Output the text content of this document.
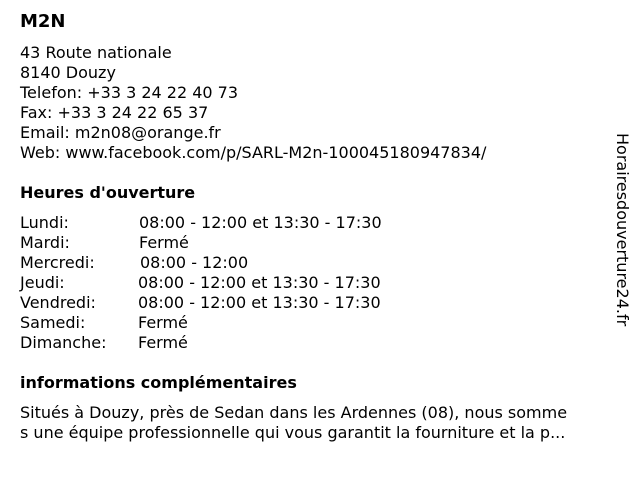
M2N
43 Route nationale
8140 Douzy
Telefon: +33 3 24 22 40 73
Fax: +33 3 24 22 65 37
Email: m2n08@orange.fr
Web: www.facebook.com/p/SARL-M2n-100045180947834/
Heures d'ouverture
Lundi:	08:00 - 12:00 et 13:30 - 17:30
Mardi:	Fermé
Mercredi:	08:00 - 12:00
Jeudi:	08:00 - 12:00 et 13:30 - 17:30
Vendredi:	08:00 - 12:00 et 13:30 - 17:30
Samedi:	Fermé
Dimanche: Fermé
informations complémentaires
Situés à Douzy, près de Sedan dans les Ardennes (08), nous somme
s une équipe professionnelle qui vous garantit la fourniture et la p...
Horairesdouverture24.fr
